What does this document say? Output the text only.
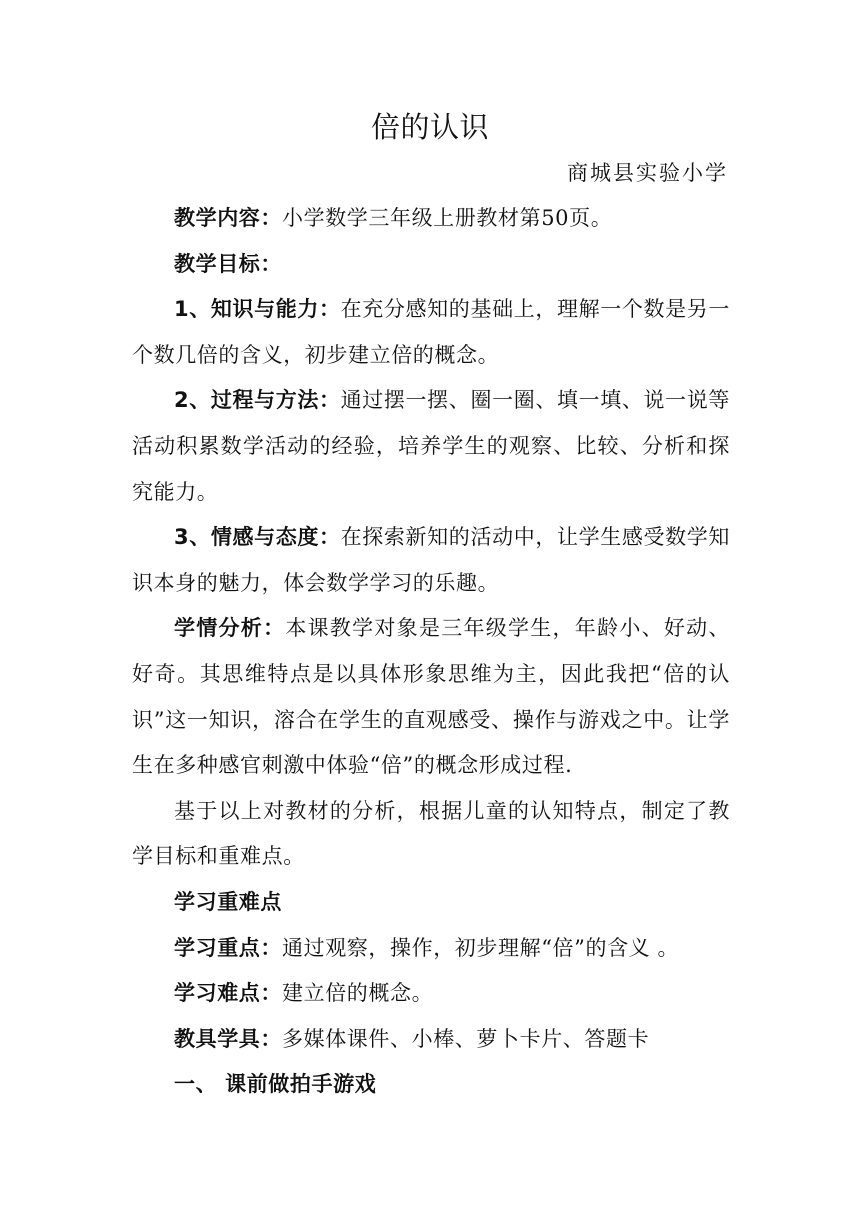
倍的认识
商城县实验小学

教学内容：小学数学三年级上册教材第50页。

教学目标：

1、知识与能力：在充分感知的基础上，理解一个数是另一个数几倍的含义，初步建立倍的概念。

2、过程与方法：通过摆一摆、圈一圈、填一填、说一说等活动积累数学活动的经验，培养学生的观察、比较、分析和探究能力。

3、情感与态度：在探索新知的活动中，让学生感受数学知识本身的魅力，体会数学学习的乐趣。

学情分析：本课教学对象是三年级学生，年龄小、好动、好奇。其思维特点是以具体形象思维为主，因此我把“倍的认识”这一知识，溶合在学生的直观感受、操作与游戏之中。让学生在多种感官刺激中体验“倍”的概念形成过程.

基于以上对教材的分析，根据儿童的认知特点，制定了教学目标和重难点。

学习重难点

学习重点：通过观察，操作，初步理解“倍”的含义 。

学习难点：建立倍的概念。

教具学具：多媒体课件、小棒、萝卜卡片、答题卡

一、 课前做拍手游戏
